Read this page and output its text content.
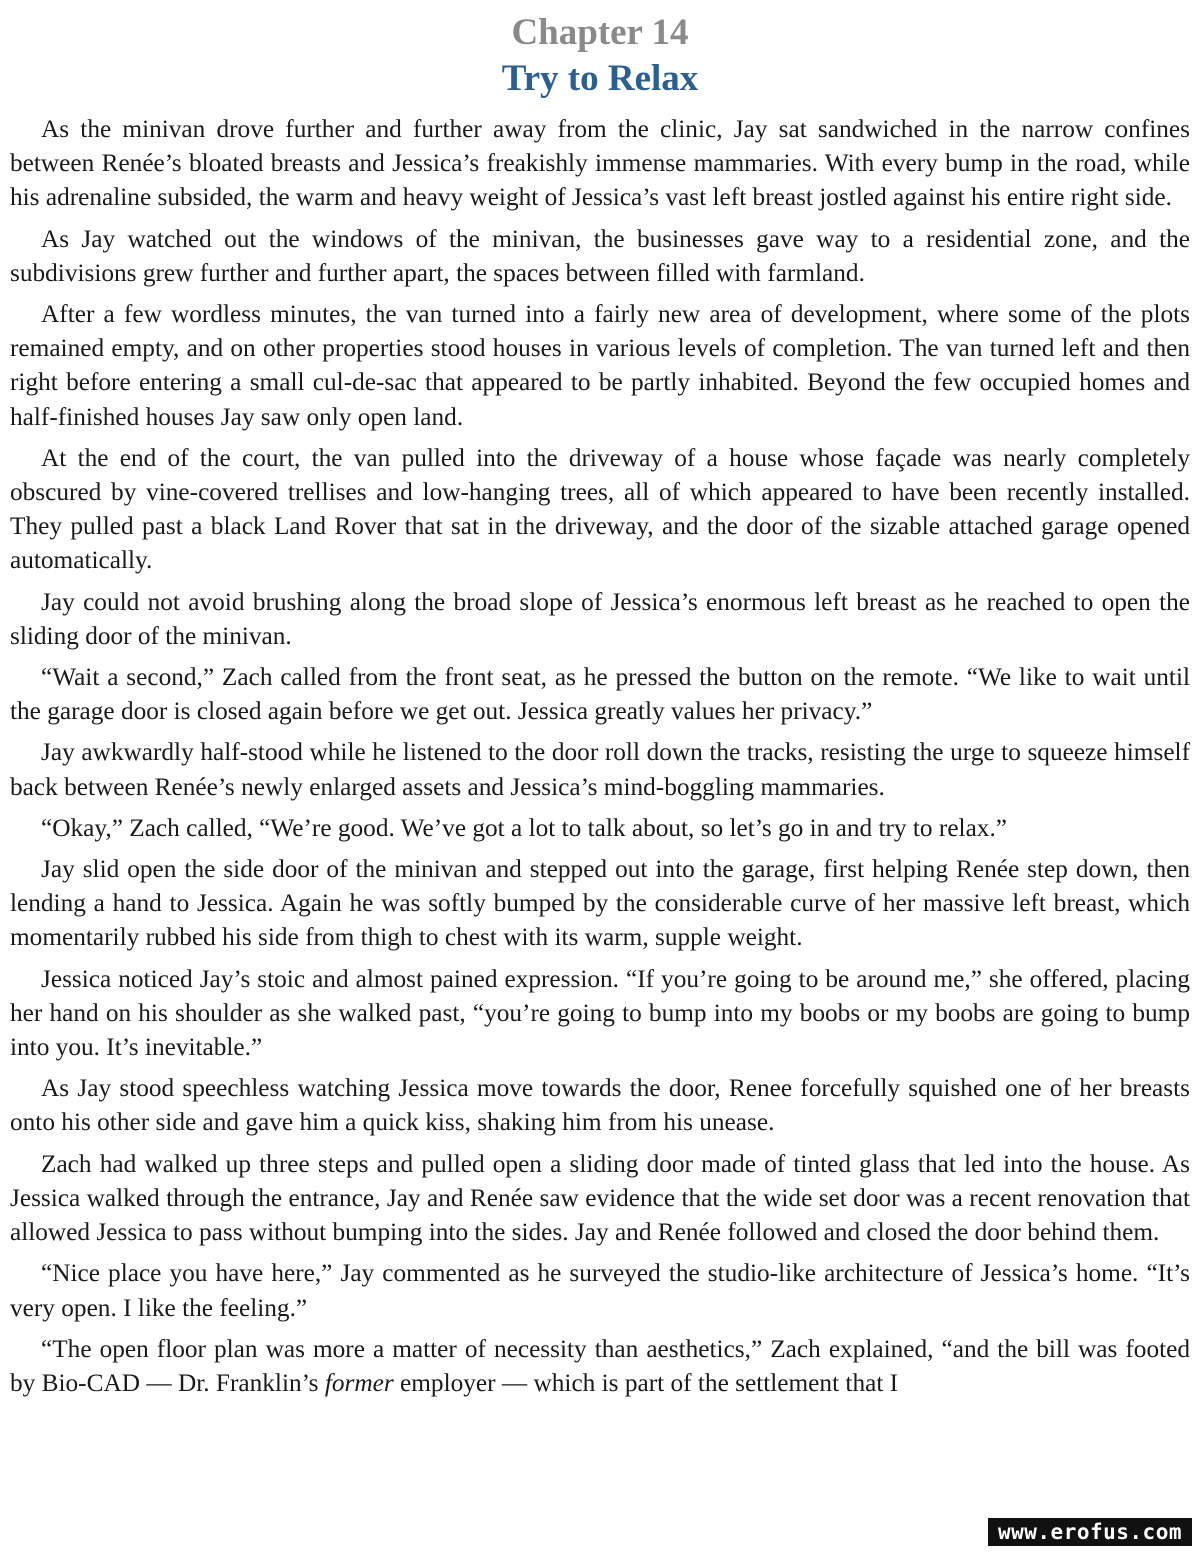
Chapter 14
Try to Relax

As the minivan drove further and further away from the clinic, Jay sat sandwiched in the narrow confines between Renée’s bloated breasts and Jessica’s freakishly immense mammaries. With every bump in the road, while his adrenaline subsided, the warm and heavy weight of Jessica’s vast left breast jostled against his entire right side.

As Jay watched out the windows of the minivan, the businesses gave way to a residential zone, and the subdivisions grew further and further apart, the spaces between filled with farmland.

After a few wordless minutes, the van turned into a fairly new area of development, where some of the plots remained empty, and on other properties stood houses in various levels of completion. The van turned left and then right before entering a small cul-de-sac that appeared to be partly inhabited. Beyond the few occupied homes and half-finished houses Jay saw only open land.

At the end of the court, the van pulled into the driveway of a house whose façade was nearly completely obscured by vine-covered trellises and low-hanging trees, all of which appeared to have been recently installed. They pulled past a black Land Rover that sat in the driveway, and the door of the sizable attached garage opened automatically.

Jay could not avoid brushing along the broad slope of Jessica’s enormous left breast as he reached to open the sliding door of the minivan.

“Wait a second,” Zach called from the front seat, as he pressed the button on the remote. “We like to wait until the garage door is closed again before we get out. Jessica greatly values her privacy.”

Jay awkwardly half-stood while he listened to the door roll down the tracks, resisting the urge to squeeze himself back between Renée’s newly enlarged assets and Jessica’s mind-boggling mammaries.

“Okay,” Zach called, “We’re good. We’ve got a lot to talk about, so let’s go in and try to relax.”

Jay slid open the side door of the minivan and stepped out into the garage, first helping Renée step down, then lending a hand to Jessica. Again he was softly bumped by the considerable curve of her massive left breast, which momentarily rubbed his side from thigh to chest with its warm, supple weight.

Jessica noticed Jay’s stoic and almost pained expression. “If you’re going to be around me,” she offered, placing her hand on his shoulder as she walked past, “you’re going to bump into my boobs or my boobs are going to bump into you. It’s inevitable.”

As Jay stood speechless watching Jessica move towards the door, Renee forcefully squished one of her breasts onto his other side and gave him a quick kiss, shaking him from his unease.

Zach had walked up three steps and pulled open a sliding door made of tinted glass that led into the house. As Jessica walked through the entrance, Jay and Renée saw evidence that the wide set door was a recent renovation that allowed Jessica to pass without bumping into the sides. Jay and Renée followed and closed the door behind them.

“Nice place you have here,” Jay commented as he surveyed the studio-like architecture of Jessica’s home. “It’s very open. I like the feeling.”

“The open floor plan was more a matter of necessity than aesthetics,” Zach explained, “and the bill was footed by Bio-CAD — Dr. Franklin’s former employer — which is part of the settlement that I

www.erofus.com
